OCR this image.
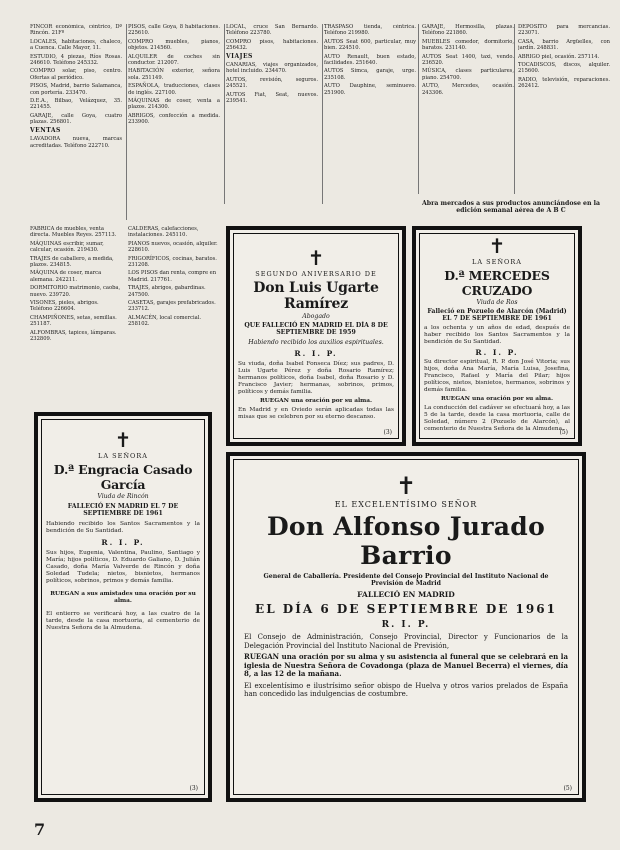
FINCOR económica, céntrico, Dº Rincón. 21Fº

LOCALES, habitaciones, chaleco, a Cuenca. Calle Mayor, 11.

ESTUDIO, 4 piezas, Ríos Rosas. 246610. Teléfono 245332.

COMPRO solar, piso, centro. Ofertas al periódico.

PISOS, Madrid, barrio Salamanca, con portería. 233470.

D.E.A., Bilbao, Velázquez, 35. 221455.

GARAJE, calle Goya, cuatro plazas. 256801.

VENTAS

LAVADORA nueva, marcas acreditadas. Teléfono 222710.

PISOS, calle Goya, 8 habitaciones. 225610.

COMPRO muebles, pianos, objetos. 214560.

ALQUILER de coches sin conductor. 212007.

HABITACIÓN exterior, señora sola. 251149.

ESPAÑOLA, traducciones, clases de inglés. 227100.

MÁQUINAS de coser, venta a plazos. 214300.

ABRIGOS, confección a medida. 233900.

LOCAL, cruce San Bernardo. Teléfono 223780.

COMPRO pisos, habitaciones. 256432.

VIAJES

CANARIAS, viajes organizados, hotel incluido. 234470.

AUTOS, revisión, seguros. 245521.

AUTOS Fiat, Seat, nuevos. 239541.

TRASPASO tienda, céntrica. Teléfono 219980.

AUTOS Seat 600, particular, muy bien. 224510.

AUTO Renault, buen estado, facilidades. 251640.

AUTOS Simca, garaje, urge. 235108.

AUTO Dauphine, seminuevo. 251900.

GARAJE, Hermosilla, plazas. Teléfono 221860.

MUEBLES comedor, dormitorio, baratos. 231140.

AUTOS Seat 1400, taxi, vendo. 236520.

MÚSICA, clases particulares, piano. 254700.

AUTO, Mercedes, ocasión. 243306.

DEPOSITO para mercancías. 223071.

CASA, barrio Argüelles, con jardín. 248831.

ABRIGO piel, ocasión. 257114.

TOCADISCOS, discos, alquiler. 215600.

RADIO, televisión, reparaciones. 262412.

FÁBRICA de muebles, venta directa. Muebles Reyes. 257113.

MÁQUINAS escribir, sumar, calcular, ocasión. 219430.

TRAJES de caballero, a medida, plazos. 234815.

MÁQUINA de coser, marca alemana. 242211.

DORMITORIO matrimonio, caoba, nuevo. 239720.

VISONES, pieles, abrigos. Teléfono 226604.

CHAMPIÑONES, setas, semillas. 251187.

ALFOMBRAS, tapices, lámparas. 232809.

CALDERAS, calefacciones, instalaciones. 245110.

PIANOS nuevos, ocasión, alquiler. 228610.

FRIGORÍFICOS, cocinas, baratos. 231208.

LOS PISOS dan renta, compre en Madrid. 217761.

TRAJES, abrigos, gabardinas. 247500.

CASETAS, garajes prefabricados. 233712.

ALMACÉN, local comercial. 258102.

Abra mercados a sus productos anunciándose en la edición semanal aérea de A B C
✝
SEGUNDO ANIVERSARIO DE
Don Luis Ugarte Ramírez
Abogado
QUE FALLECIÓ EN MADRID EL DÍA 8 DE SEPTIEMBRE DE 1959
Habiendo recibido los auxilios espirituales.
R. I. P.
Su viuda, doña Isabel Fonseca Díez; sus padres, D. Luis Ugarte Pérez y doña Rosario Ramírez; hermanos políticos, doña Isabel, doña Rosario y D. Francisco Javier; hermanas, sobrinos, primos, políticos y demás familia.
RUEGAN una oración por su alma.
En Madrid y en Oviedo serán aplicadas todas las misas que se celebren por su eterno descanso.
(3)
✝
LA SEÑORA
D.ª MERCEDES CRUZADO
Viuda de Ros
Falleció en Pozuelo de Alarcón (Madrid) EL 7 DE SEPTIEMBRE DE 1961
a los ochenta y un años de edad, después de haber recibido los Santos Sacramentos y la bendición de Su Santidad.
R. I. P.
Su director espiritual, R. P. don José Vitoria; sus hijos, doña Ana María, María Luisa, Josefina, Francisco, Rafael y María del Pilar; hijos políticos, nietos, bisnietos, hermanos, sobrinos y demás familia.
RUEGAN una oración por su alma.
La conducción del cadáver se efectuará hoy, a las 5 de la tarde, desde la casa mortuoria, calle de Soledad, número 2 (Pozuelo de Alarcón), al cementerio de Nuestra Señora de la Almudena.
(5)
✝
LA SEÑORA
D.ª Engracia Casado García
Viuda de Rincón
FALLECIÓ EN MADRID EL 7 DE SEPTIEMBRE DE 1961
Habiendo recibido los Santos Sacramentos y la bendición de Su Santidad.
R. I. P.
Sus hijos, Eugenia, Valentina, Paulino, Santiago y María; hijos políticos, D. Eduardo Galiano, D. Julián Casado, doña María Valverde de Rincón y doña Soledad Tudela; nietos, bisnietos, hermanos políticos, sobrinos, primos y demás familia.
RUEGAN a sus amistades una oración por su alma.
El entierro se verificará hoy, a las cuatro de la tarde, desde la casa mortuoria, al cementerio de Nuestra Señora de la Almudena.
(3)
✝
EL EXCELENTÍSIMO SEÑOR
Don Alfonso Jurado Barrio
General de Caballería. Presidente del Consejo Provincial del Instituto Nacional de Previsión de Madrid
FALLECIÓ EN MADRID
EL DÍA 6 DE SEPTIEMBRE DE 1961
R. I. P.
El Consejo de Administración, Consejo Provincial, Director y Funcionarios de la Delegación Provincial del Instituto Nacional de Previsión,
RUEGAN una oración por su alma y su asistencia al funeral que se celebrará en la iglesia de Nuestra Señora de Covadonga (plaza de Manuel Becerra) el viernes, día 8, a las 12 de la mañana.
El excelentísimo e ilustrísimo señor obispo de Huelva y otros varios prelados de España han concedido las indulgencias de costumbre.
(5)
7
